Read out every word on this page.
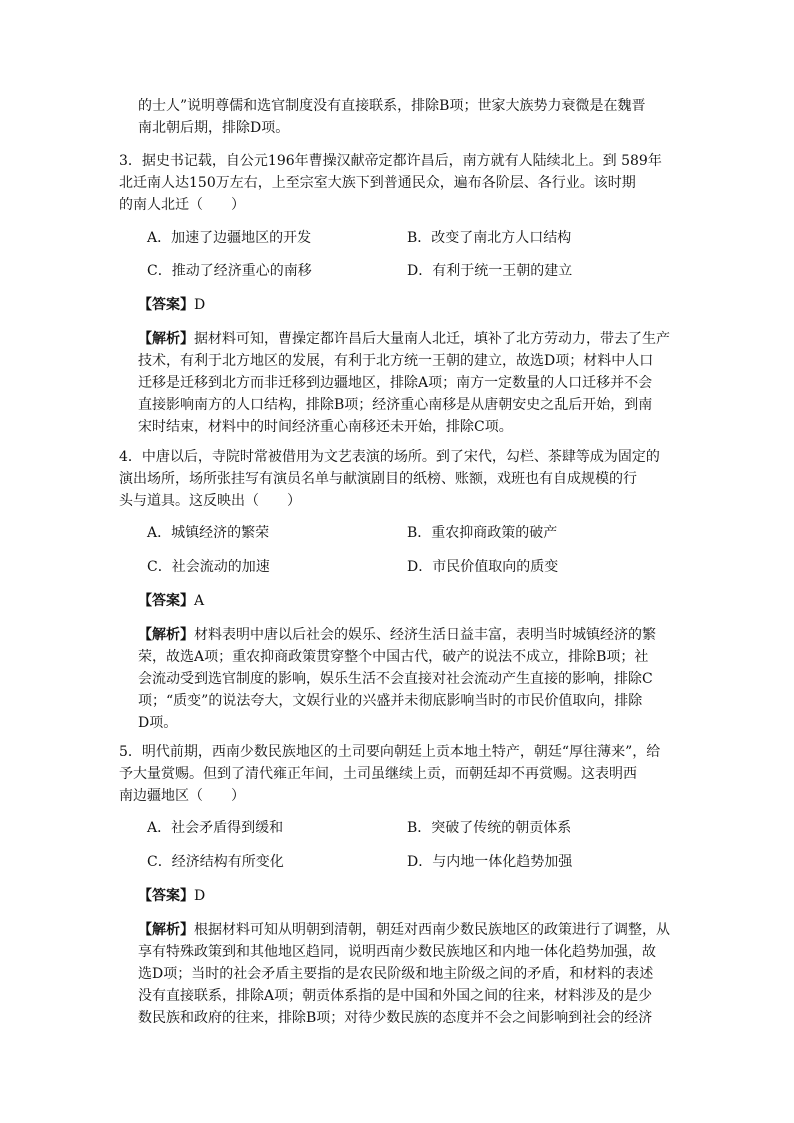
的士人”说明尊儒和选官制度没有直接联系，排除B项；世家大族势力衰微是在魏晋
南北朝后期，排除D项。
3．据史书记载，自公元196年曹操汉献帝定都许昌后，南方就有人陆续北上。到 589年
北迁南人达150万左右，上至宗室大族下到普通民众，遍布各阶层、各行业。该时期
的南人北迁（　　）
A．加速了边疆地区的开发	B．改变了南北方人口结构
C．推动了经济重心的南移	D．有利于统一王朝的建立
【答案】D
【解析】据材料可知，曹操定都许昌后大量南人北迁，填补了北方劳动力，带去了生产
技术，有利于北方地区的发展，有利于北方统一王朝的建立，故选D项；材料中人口
迁移是迁移到北方而非迁移到边疆地区，排除A项；南方一定数量的人口迁移并不会
直接影响南方的人口结构，排除B项；经济重心南移是从唐朝安史之乱后开始，到南
宋时结束，材料中的时间经济重心南移还未开始，排除C项。
4．中唐以后，寺院时常被借用为文艺表演的场所。到了宋代，勾栏、茶肆等成为固定的
演出场所，场所张挂写有演员名单与献演剧目的纸榜、账额，戏班也有自成规模的行
头与道具。这反映出（　　）
A．城镇经济的繁荣	B．重农抑商政策的破产
C．社会流动的加速	D．市民价值取向的质变
【答案】A
【解析】材料表明中唐以后社会的娱乐、经济生活日益丰富，表明当时城镇经济的繁
荣，故选A项；重农抑商政策贯穿整个中国古代，破产的说法不成立，排除B项；社
会流动受到选官制度的影响，娱乐生活不会直接对社会流动产生直接的影响，排除C
项；“质变”的说法夸大，文娱行业的兴盛并未彻底影响当时的市民价值取向，排除
D项。
5．明代前期，西南少数民族地区的土司要向朝廷上贡本地土特产，朝廷“厚往薄来”，给
予大量赏赐。但到了清代雍正年间，土司虽继续上贡，而朝廷却不再赏赐。这表明西
南边疆地区（　　）
A．社会矛盾得到缓和	B．突破了传统的朝贡体系
C．经济结构有所变化	D．与内地一体化趋势加强
【答案】D
【解析】根据材料可知从明朝到清朝，朝廷对西南少数民族地区的政策进行了调整，从
享有特殊政策到和其他地区趋同，说明西南少数民族地区和内地一体化趋势加强，故
选D项；当时的社会矛盾主要指的是农民阶级和地主阶级之间的矛盾，和材料的表述
没有直接联系，排除A项；朝贡体系指的是中国和外国之间的往来，材料涉及的是少
数民族和政府的往来，排除B项；对待少数民族的态度并不会之间影响到社会的经济
